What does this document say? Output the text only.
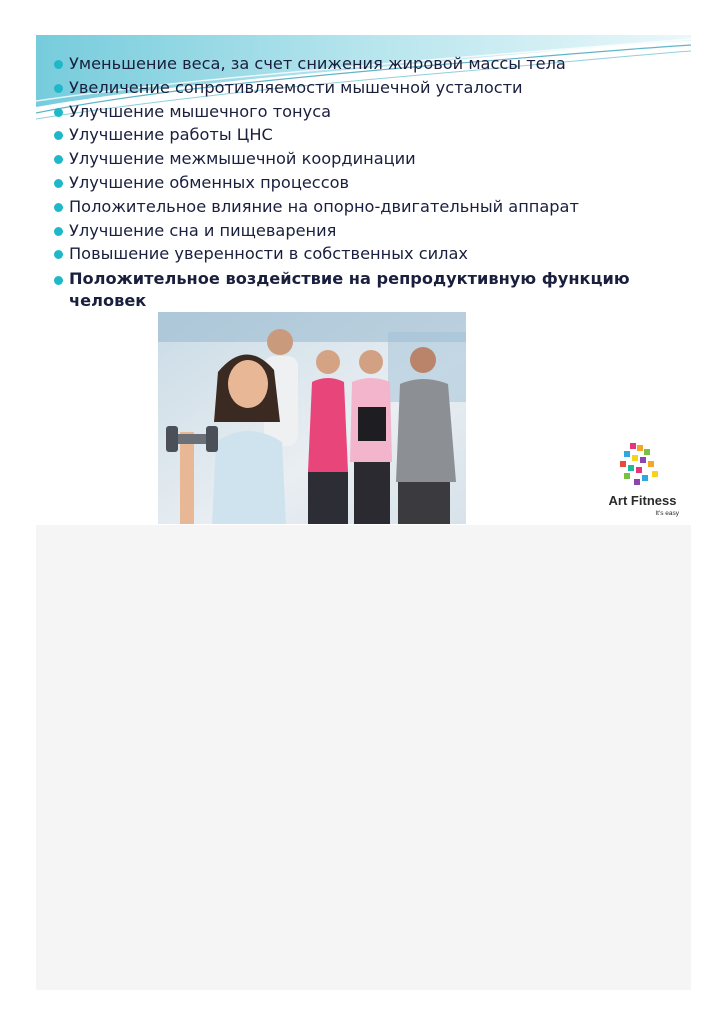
Уменьшение веса, за счет снижения жировой массы тела
Увеличение сопротивляемости мышечной усталости
Улучшение мышечного тонуса
Улучшение работы ЦНС
Улучшение межмышечной координации
Улучшение обменных процессов
Положительное влияние на опорно-двигательный аппарат
Улучшение сна и пищеварения
Повышение уверенности в собственных силах
Положительное воздействие на репродуктивную функцию человек
Art Fitness
It's easy
